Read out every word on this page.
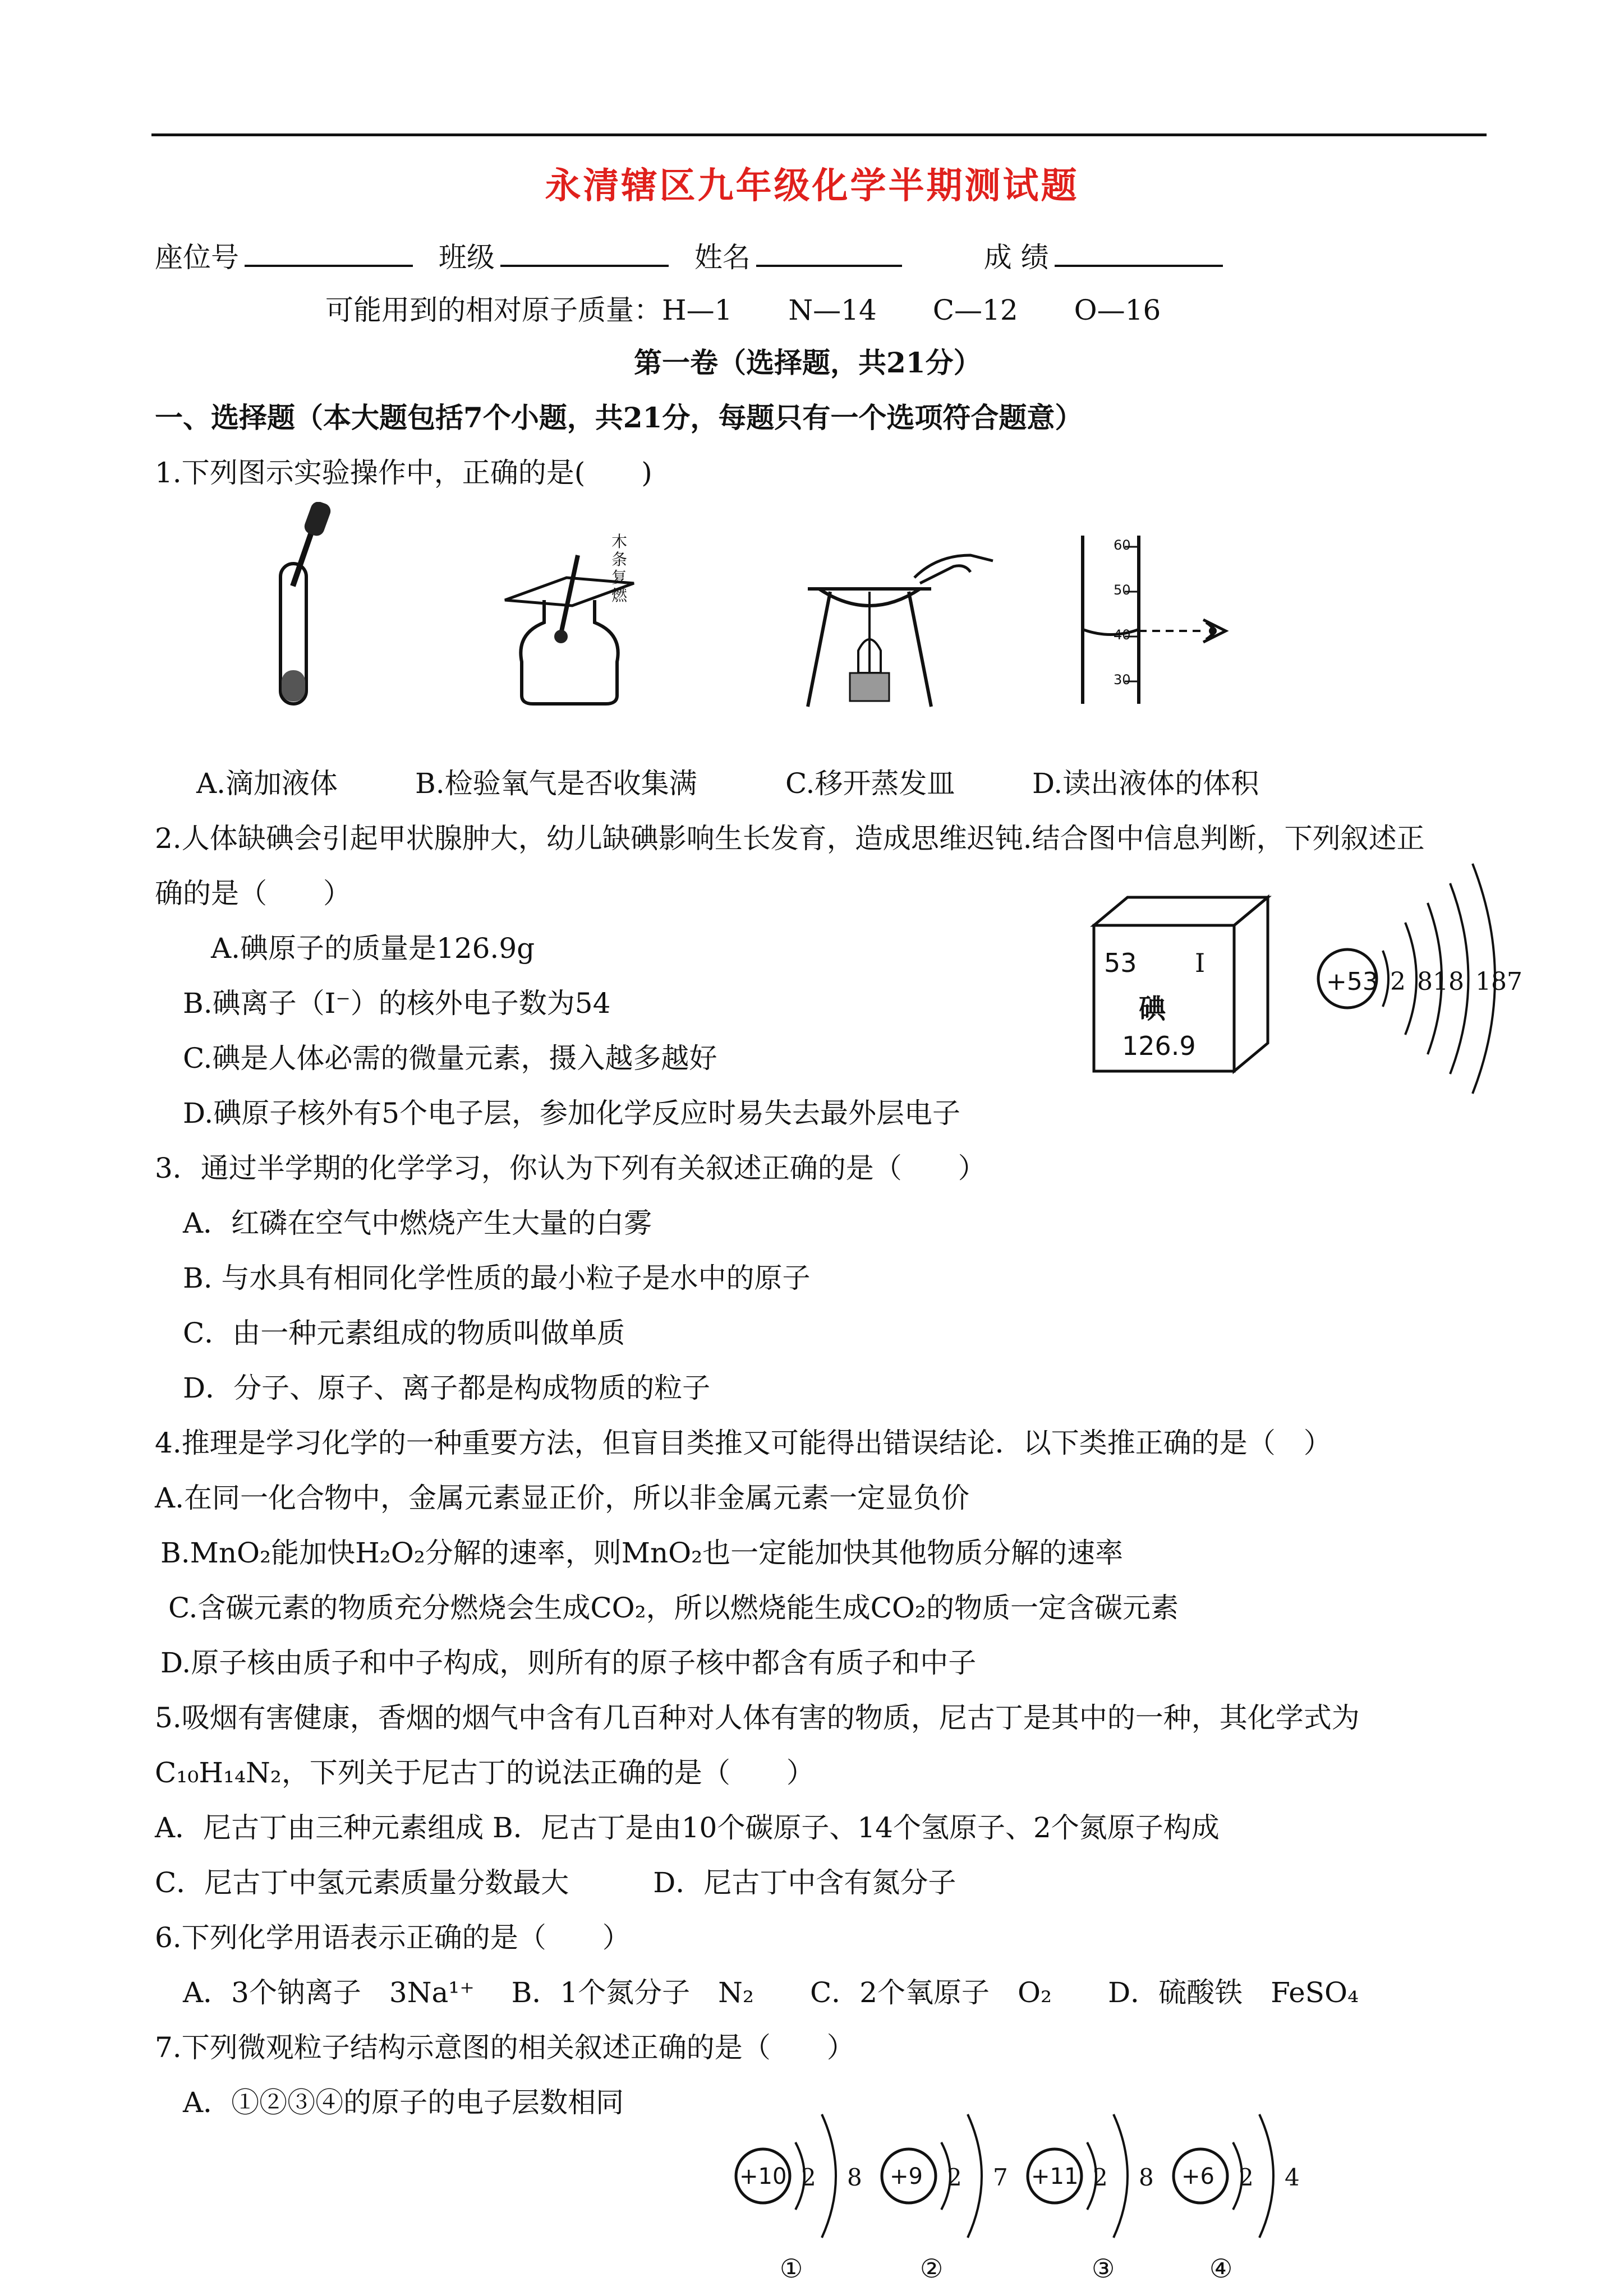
永清辖区九年级化学半期测试题
座位号	班级	姓名	成 绩
可能用到的相对原子质量：H—1　　N—14　　C—12　　O—16
第一卷（选择题，共21分）
一、选择题（本大题包括7个小题，共21分，每题只有一个选项符合题意）
1.下列图示实验操作中，正确的是(　　)
木条复燃
60
50
40
30
A.滴加液体	B.检验氧气是否收集满	C.移开蒸发皿	D.读出液体的体积
2.人体缺碘会引起甲状腺肿大，幼儿缺碘影响生长发育，造成思维迟钝.结合图中信息判断，下列叙述正
确的是（　　）
A.碘原子的质量是126.9g
B.碘离子（I⁻）的核外电子数为54
C.碘是人体必需的微量元素，摄入越多越好
D.碘原子核外有5个电子层，参加化学反应时易失去最外层电子
53 I
碘
126.9
+53 2 818 187
3．通过半学期的化学学习，你认为下列有关叙述正确的是（　　）
A．红磷在空气中燃烧产生大量的白雾
B. 与水具有相同化学性质的最小粒子是水中的原子
C．由一种元素组成的物质叫做单质
D．分子、原子、离子都是构成物质的粒子
4.推理是学习化学的一种重要方法，但盲目类推又可能得出错误结论．以下类推正确的是（　）
A.在同一化合物中，金属元素显正价，所以非金属元素一定显负价
B.MnO₂能加快H₂O₂分解的速率，则MnO₂也一定能加快其他物质分解的速率
C.含碳元素的物质充分燃烧会生成CO₂，所以燃烧能生成CO₂的物质一定含碳元素
D.原子核由质子和中子构成，则所有的原子核中都含有质子和中子
5.吸烟有害健康，香烟的烟气中含有几百种对人体有害的物质，尼古丁是其中的一种，其化学式为
C₁₀H₁₄N₂，下列关于尼古丁的说法正确的是（　　）
A．尼古丁由三种元素组成 B．尼古丁是由10个碳原子、14个氢原子、2个氮原子构成
C．尼古丁中氢元素质量分数最大　　　D．尼古丁中含有氮分子
6.下列化学用语表示正确的是（　　）
A．3个钠离子　3Na¹⁺　 B．1个氮分子　N₂　　C．2个氧原子　O₂　　D．硫酸铁　FeSO₄
7.下列微观粒子结构示意图的相关叙述正确的是（　　）
A．①②③④的原子的电子层数相同
+10 2 8
①
+9 2 7
②
+11 2 8
③
+6 2 4
④
